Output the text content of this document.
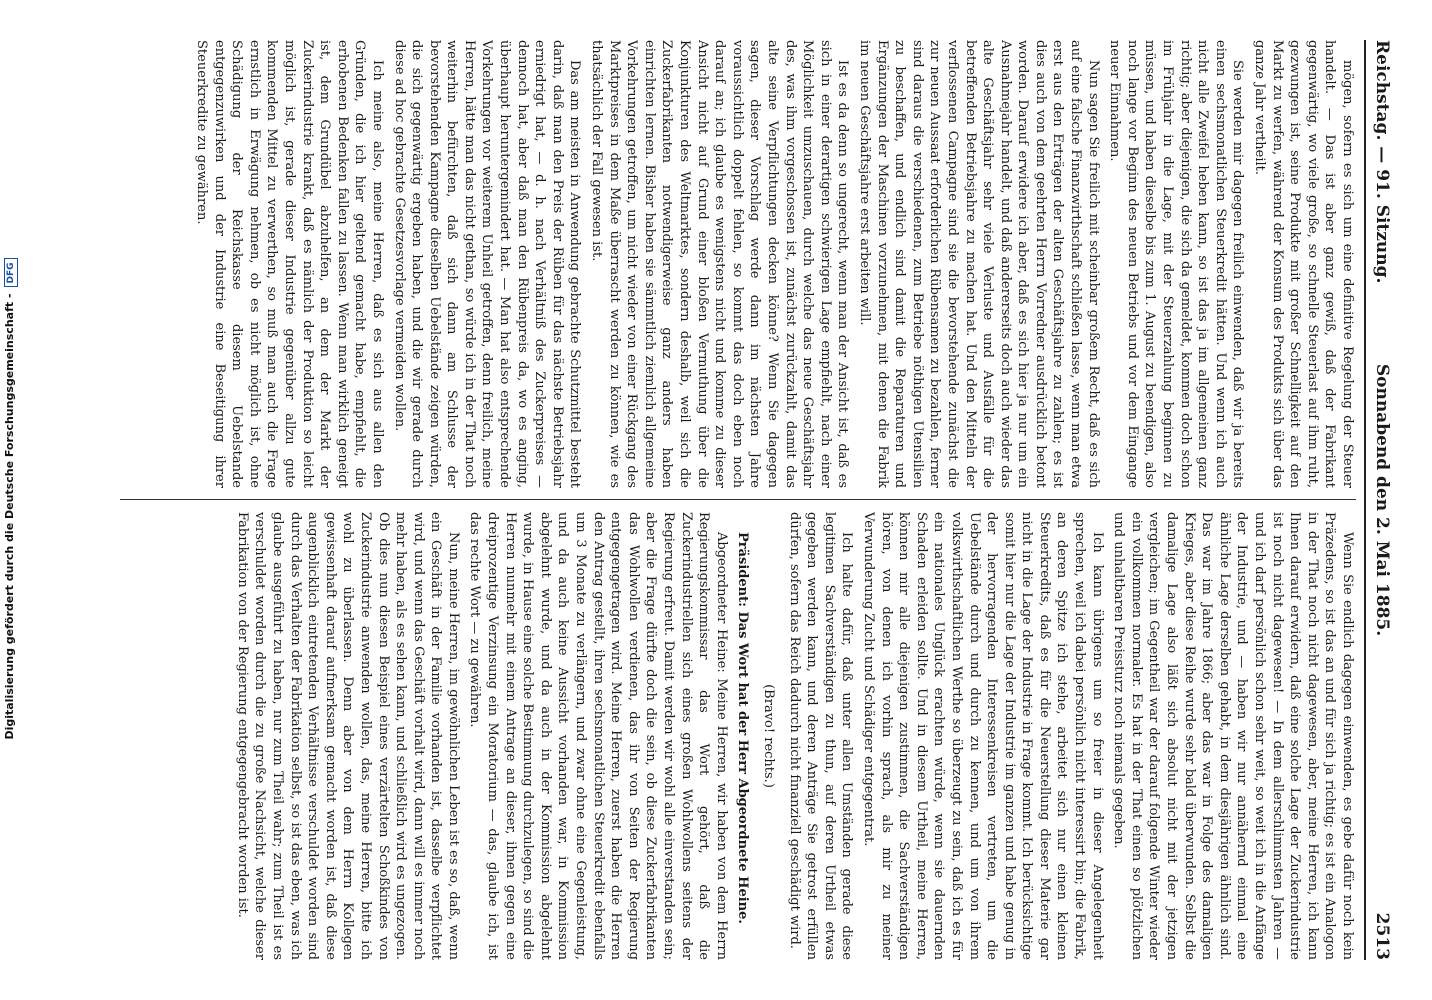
Digitalisierung gefördert durch die Deutsche Forschungsgemeinschaft -DFG	Reichstag. — 91. Sitzung.
Sonnabend den 2. Mai 1885.
2513

mögen, sofern es sich um eine definitive Regelung der Steuer handelt. — Das ist aber ganz gewiß, daß der Fabrikant gegenwärtig, wo viele große, so schnelle Steuerlast auf ihm ruht, gezwungen ist, seine Produkte mit großer Schnelligkeit auf den Markt zu werfen, während der Konsum des Produkts sich über das ganze Jahr vertheilt.

Sie werden mir dagegen freilich einwenden, daß wir ja bereits einen sechsmonatlichen Steuerkredit hätten. Und wenn ich auch nicht alle Zweifel heben kann, so ist das ja im allgemeinen ganz richtig; aber diejenigen, die sich da gemeldet, kommen doch schon im Frühjahr in die Lage, mit der Steuerzahlung beginnen zu müssen, und haben dieselbe bis zum 1. August zu beendigen, also noch lange vor Beginn des neuen Betriebs und vor dem Eingange neuer Einnahmen.

Nun sagen Sie freilich mit scheinbar großem Recht, daß es sich auf eine falsche Finanzwirthschaft schließen lasse, wenn man etwa erst aus den Erträgen der alten Geschäftsjahre zu zahlen; es ist dies auch von dem geehrten Herrn Vorredner ausdrücklich betont worden. Darauf erwidere ich aber, daß es sich hier ja nur um ein Ausnahmejahr handelt, und daß andererseits doch auch wieder das alte Geschäftsjahr sehr viele Verluste und Ausfälle für die betreffenden Betriebsjahre zu machen hat. Und den Mitteln der verflossenen Campagne sind sie die bevorstehende zunächst die zur neuen Aussaat erforderlichen Rübensamen zu bezahlen, ferner sind daraus die verschiedenen, zum Betriebe nöthigen Utensilien zu beschaffen, und endlich sind damit die Reparaturen und Ergänzungen der Maschinen vorzunehmen, mit denen die Fabrik im neuen Geschäftsjahre erst arbeiten will.

Ist es da denn so ungerecht, wenn man der Ansicht ist, daß es sich in einer derartigen schwierigen Lage empfiehlt, nach einer Möglichkeit umzuschauen, durch welche das neue Geschäftsjahr des, was ihm vorgeschossen ist, zunächst zurückzahlt, damit das alte seine Verpflichtungen decken könne? Wenn Sie dagegen sagen, dieser Vorschlag werde dann im nächsten Jahre voraussichtlich doppelt fehlen, so kommt das doch eben noch darauf an; ich glaube es wenigstens nicht und komme zu dieser Ansicht nicht auf Grund einer bloßen Vermuthung über die Konjunkturen des Weltmarktes, sondern deshalb, weil sich die Zuckerfabrikanten notwendigerweise ganz anders haben einrichten lernen. Bisher haben sie sämmtlich ziemlich allgemeine Vorkehrungen getroffen, um nicht wieder von einer Rückgang des Marktpreises in dem Maße überrascht werden zu können, wie es thatsächlich der Fall gewesen ist.

Das am meisten in Anwendung gebrachte Schutzmittel besteht darin, daß man den Preis der Rüben für das nächste Betriebsjahr erniedrigt hat, — d. h. nach Verhältniß des Zuckerpreises — dennoch hat, aber daß man den Rübenpreis da, wo es anging, überhaupt heruntergemindert hat. — Man hat also entsprechende Vorkehrungen vor weiterem Unheil getroffen, denn freilich, meine Herren, hätte man das nicht gethan, so würde ich in der That noch weiterhin befürchten, daß sich dann am Schlusse der bevorstehenden Kampagne dieselben Uebelstände zeigen würden, die sich gegenwärtig ergeben haben, und die wir gerade durch diese ad hoc gebrachte Gesetzesvorlage vermeiden wollen.

Ich meine also, meine Herren, daß es sich aus allen den Gründen, die ich hier geltend gemacht habe, empfiehlt, die erhobenen Bedenken fallen zu lassen. Wenn man wirklich geneigt ist, dem Grundübel abzuhelfen, an dem der Markt der Zuckerindustrie krankt, daß es nämlich der Produktion so leicht möglich ist, gerade dieser Industrie gegenüber allzu gute kommenden Mittel zu verwerthen, so muß man auch die Frage ernstlich in Erwägung nehmen, ob es nicht möglich ist, ohne Schädigung der Reichskasse diesem Uebelstande entgegenzuwirken und der Industrie eine Beseitigung ihrer Steuerkredite zu gewähren.

Wenn Sie endlich dagegen einwenden, es gebe dafür noch kein Präzedens, so ist das an und für sich ja richtig; es ist ein Analogon in der That noch nicht dagewesen, aber, meine Herren, ich kann Ihnen darauf erwidern, daß eine solche Lage der Zuckerindustrie ist noch nicht dagewesen! — In dem allerschlimmsten Jahren — und ich darf persönlich schon sehr weit, so weit ich in die Anfänge der Industrie, und — haben wir nur annähernd einmal eine ähnliche Lage derselben gehabt, in dem diesjährigen ähnlich sind. Das war im Jahre 1866; aber das war in Folge des damaligen Krieges, aber diese Reihe wurde sehr bald überwunden. Selbst die damalige Lage also läßt sich absolut nicht mit der jetzigen vergleichen; im Gegentheil war der darauf folgende Winter wieder ein vollkommen normaler. Es hat in der That einen so plötzlichen und unhaltbaren Preissturz noch niemals gegeben.

Ich kann übrigens um so freier in dieser Angelegenheit sprechen, weil ich dabei persönlich nicht interessirt bin; die Fabrik, an deren Spitze ich stehe, arbeitet sich nur einen kleinen Steuerkredits, daß es für die Neuerstellung dieser Materie gar nicht in die Lage der Industrie in Frage kommt. Ich berücksichtige somit hier nur die Lage der Industrie im ganzen und habe genug in der hervorragenden Interessenkreisen vertreten, um die Uebelstände durch und durch zu kennen, und um von ihrem volkswirthschaftlichen Werthe so überzeugt zu sein, daß ich es für ein nationales Unglück erachten würde, wenn sie dauernden Schaden erleiden sollte. Und in diesem Urtheil, meine Herren, können mir alle diejenigen zustimmen, die Sachverständigen hören, von denen ich vorhin sprach, als mir zu meiner Verwunderung Zucht und Schädiger entgegentrat.

Ich halte dafür, daß unter allen Umständen gerade diese legitimen Sachverständigen zu thun, auf deren Urtheil etwas gegeben werden kann, und deren Anträge Sie getrost erfüllen dürfen, sofern das Reich dadurch nicht finanziell geschädigt wird.

(Bravo! rechts.)

Präsident: Das Wort hat der Herr Abgeordnete Heine.

Abgeordneter Heine: Meine Herren, wir haben von dem Herrn Regierungskommissar das Wort gehört, daß die Zuckerindustriellen sich eines großen Wohlwollens seitens der Regierung erfreut. Damit werden wir wohl alle einverstanden sein; aber die Frage dürfte doch die sein, ob diese Zuckerfabrikanten das Wohlwollen verdienen, das ihr von Seiten der Regierung entgegengetragen wird. Meine Herren, zuerst haben die Herren den Antrag gestellt, ihren sechsmonatlichen Steuerkredit ebenfalls um 3 Monate zu verlängern, und zwar ohne eine Gegenleistung, und da auch keine Aussicht vorhanden war, in Kommission abgelehnt wurde, und da auch in der Kommission abgelehnt wurde, in Hause eine solche Bestimmung durchzulegen, so sind die Herren nunmehr mit einem Antrage an dieser, ihnen gegen eine dreiprozentige Verzinsung ein Moratorium — das, glaube ich, ist das rechte Wort — zu gewähren.

Nun, meine Herren, im gewöhnlichen Leben ist es so, daß, wenn ein Geschäft in der Familie vorhanden ist, dasselbe verpflichtet wird, und wenn das Geschäft vorhalt wird, dann will es immer noch mehr haben, als es sehen kann, und schließlich wird es ungezogen. Ob dies nun diesen Beispiel eines verzärtelten Schoßkindes von Zuckerindustrie anwenden wollen, das, meine Herren, bitte ich wohl zu überlassen. Denn aber von dem Herrn Kollegen gewissenhaft darauf aufmerksam gemacht worden ist, daß diese augenblicklich eintretenden Verhältnisse verschuldet worden sind durch das Verhalten der Fabrikation selbst, so ist das eben, was ich glaube ausgeführt zu haben, nur zum Theil wahr; zum Theil ist es verschuldet worden durch die zu große Nachsicht, welche dieser Fabrikation von der Regierung entgegengebracht worden ist.
